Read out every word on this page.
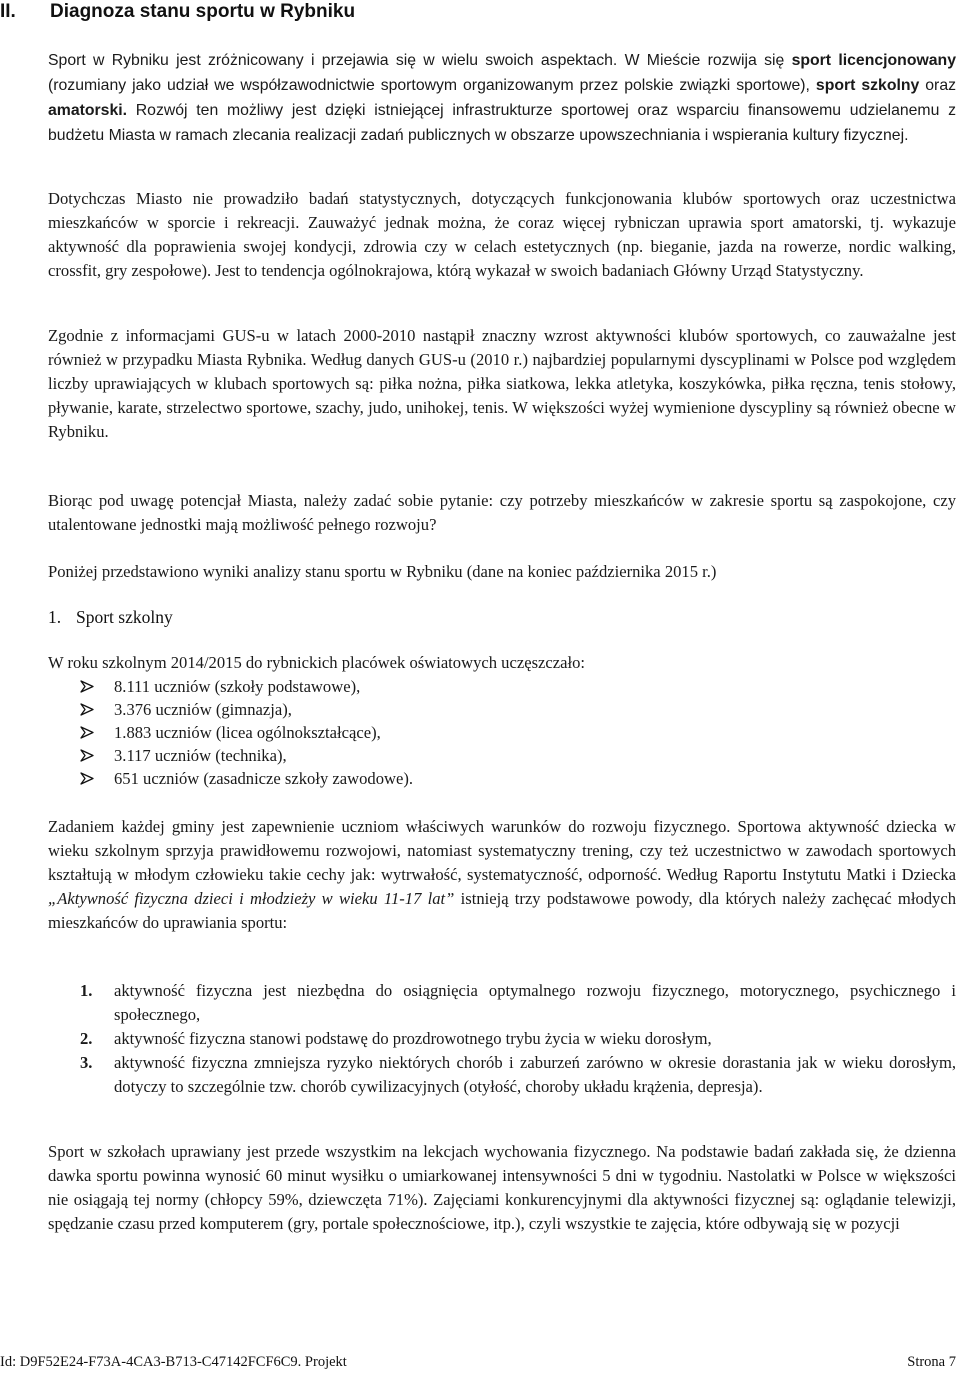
II. Diagnoza stanu sportu w Rybniku

Sport w Rybniku jest zróżnicowany i przejawia się w wielu swoich aspektach. W Mieście rozwija się sport licencjonowany (rozumiany jako udział we współzawodnictwie sportowym organizowanym przez polskie związki sportowe), sport szkolny oraz amatorski. Rozwój ten możliwy jest dzięki istniejącej infrastrukturze sportowej oraz wsparciu finansowemu udzielanemu z budżetu Miasta w ramach zlecania realizacji zadań publicznych w obszarze upowszechniania i wspierania kultury fizycznej.

Dotychczas Miasto nie prowadziło badań statystycznych, dotyczących funkcjonowania klubów sportowych oraz uczestnictwa mieszkańców w sporcie i rekreacji. Zauważyć jednak można, że coraz więcej rybniczan uprawia sport amatorski, tj. wykazuje aktywność dla poprawienia swojej kondycji, zdrowia czy w celach estetycznych (np. bieganie, jazda na rowerze, nordic walking, crossfit, gry zespołowe). Jest to tendencja ogólnokrajowa, którą wykazał w swoich badaniach Główny Urząd Statystyczny.

Zgodnie z informacjami GUS-u w latach 2000-2010 nastąpił znaczny wzrost aktywności klubów sportowych, co zauważalne jest również w przypadku Miasta Rybnika. Według danych GUS-u (2010 r.) najbardziej popularnymi dyscyplinami w Polsce pod względem liczby uprawiających w klubach sportowych są: piłka nożna, piłka siatkowa, lekka atletyka, koszykówka, piłka ręczna, tenis stołowy, pływanie, karate, strzelectwo sportowe, szachy, judo, unihokej, tenis. W większości wyżej wymienione dyscypliny są również obecne w Rybniku.

Biorąc pod uwagę potencjał Miasta, należy zadać sobie pytanie: czy potrzeby mieszkańców w zakresie sportu są zaspokojone, czy utalentowane jednostki mają możliwość pełnego rozwoju?

Poniżej przedstawiono wyniki analizy stanu sportu w Rybniku (dane na koniec października 2015 r.)

1. Sport szkolny

W roku szkolnym 2014/2015 do rybnickich placówek oświatowych uczęszczało:

8.111 uczniów (szkoły podstawowe),
3.376 uczniów (gimnazja),
1.883 uczniów (licea ogólnokształcące),
3.117 uczniów (technika),
651 uczniów (zasadnicze szkoły zawodowe).

Zadaniem każdej gminy jest zapewnienie uczniom właściwych warunków do rozwoju fizycznego. Sportowa aktywność dziecka w wieku szkolnym sprzyja prawidłowemu rozwojowi, natomiast systematyczny trening, czy też uczestnictwo w zawodach sportowych kształtują w młodym człowieku takie cechy jak: wytrwałość, systematyczność, odporność. Według Raportu Instytutu Matki i Dziecka „Aktywność fizyczna dzieci i młodzieży w wieku 11-17 lat” istnieją trzy podstawowe powody, dla których należy zachęcać młodych mieszkańców do uprawiania sportu:

1. aktywność fizyczna jest niezbędna do osiągnięcia optymalnego rozwoju fizycznego, motorycznego, psychicznego i społecznego,
2. aktywność fizyczna stanowi podstawę do prozdrowotnego trybu życia w wieku dorosłym,
3. aktywność fizyczna zmniejsza ryzyko niektórych chorób i zaburzeń zarówno w okresie dorastania jak w wieku dorosłym, dotyczy to szczególnie tzw. chorób cywilizacyjnych (otyłość, choroby układu krążenia, depresja).

Sport w szkołach uprawiany jest przede wszystkim na lekcjach wychowania fizycznego. Na podstawie badań zakłada się, że dzienna dawka sportu powinna wynosić 60 minut wysiłku o umiarkowanej intensywności 5 dni w tygodniu. Nastolatki w Polsce w większości nie osiągają tej normy (chłopcy 59%, dziewczęta 71%). Zajęciami konkurencyjnymi dla aktywności fizycznej są: oglądanie telewizji, spędzanie czasu przed komputerem (gry, portale społecznościowe, itp.), czyli wszystkie te zajęcia, które odbywają się w pozycji

Id: D9F52E24-F73A-4CA3-B713-C47142FCF6C9. Projekt	Strona 7
